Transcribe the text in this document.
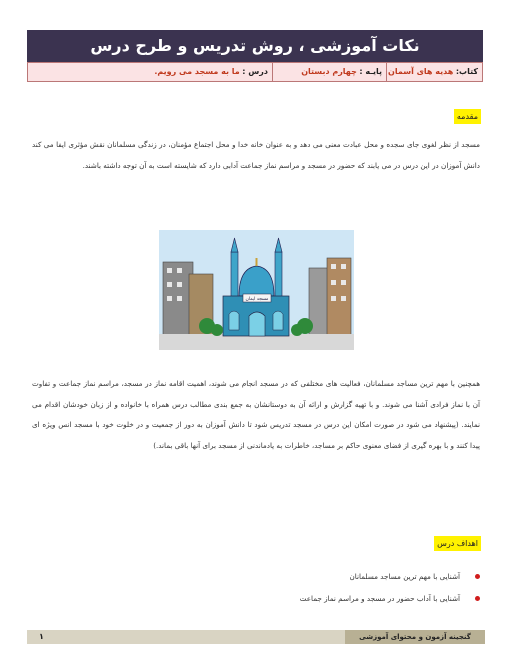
نکات آموزشی ، روش تدریس و طرح درس
کتاب: هدیه های آسمان
پایـه : چهارم دبستان
درس : ما به مسجد می رویم.
مقدمه
مسجد از نظر لغوی جای سجده و محل عبادت معنی می دهد و به عنوان خانه خدا و محل اجتماع مؤمنان، در زندگی مسلمانان نقش مؤثری ایفا می کند دانش آموزان در این درس در می یابند که حضور در مسجد و مراسم نماز جماعت آدابی دارد که شایسته است به آن توجه داشته باشند.
مسجد ایمان
همچنین با مهم ترین مساجد مسلمانان، فعالیت های مختلفی که در مسجد انجام می شوند، اهمیت اقامه نماز در مسجد، مراسم نماز جماعت و تفاوت آن با نماز فرادی آشنا می شوند. و با تهیه گزارش و ارائه آن به دوستانشان به جمع بندی مطالب درس همراه با خانواده و از زبان خودشان اقدام می نمایند. (پیشنهاد می شود در صورت امکان این درس در مسجد تدریس شود تا دانش آموزان به دور از جمعیت و در خلوت خود با مسجد انس ویژه ای پیدا کنند و با بهره گیری از فضای معنوی حاکم بر مساجد، خاطرات به یادماندنی از مسجد برای آنها باقی بماند.)
اهداف درس
آشنایی با مهم ترین مساجد مسلمانان
آشنایی با آداب حضور در مسجد و مراسم نماز جماعت
۱	گنجینه آزمون و محتوای آموزشی
